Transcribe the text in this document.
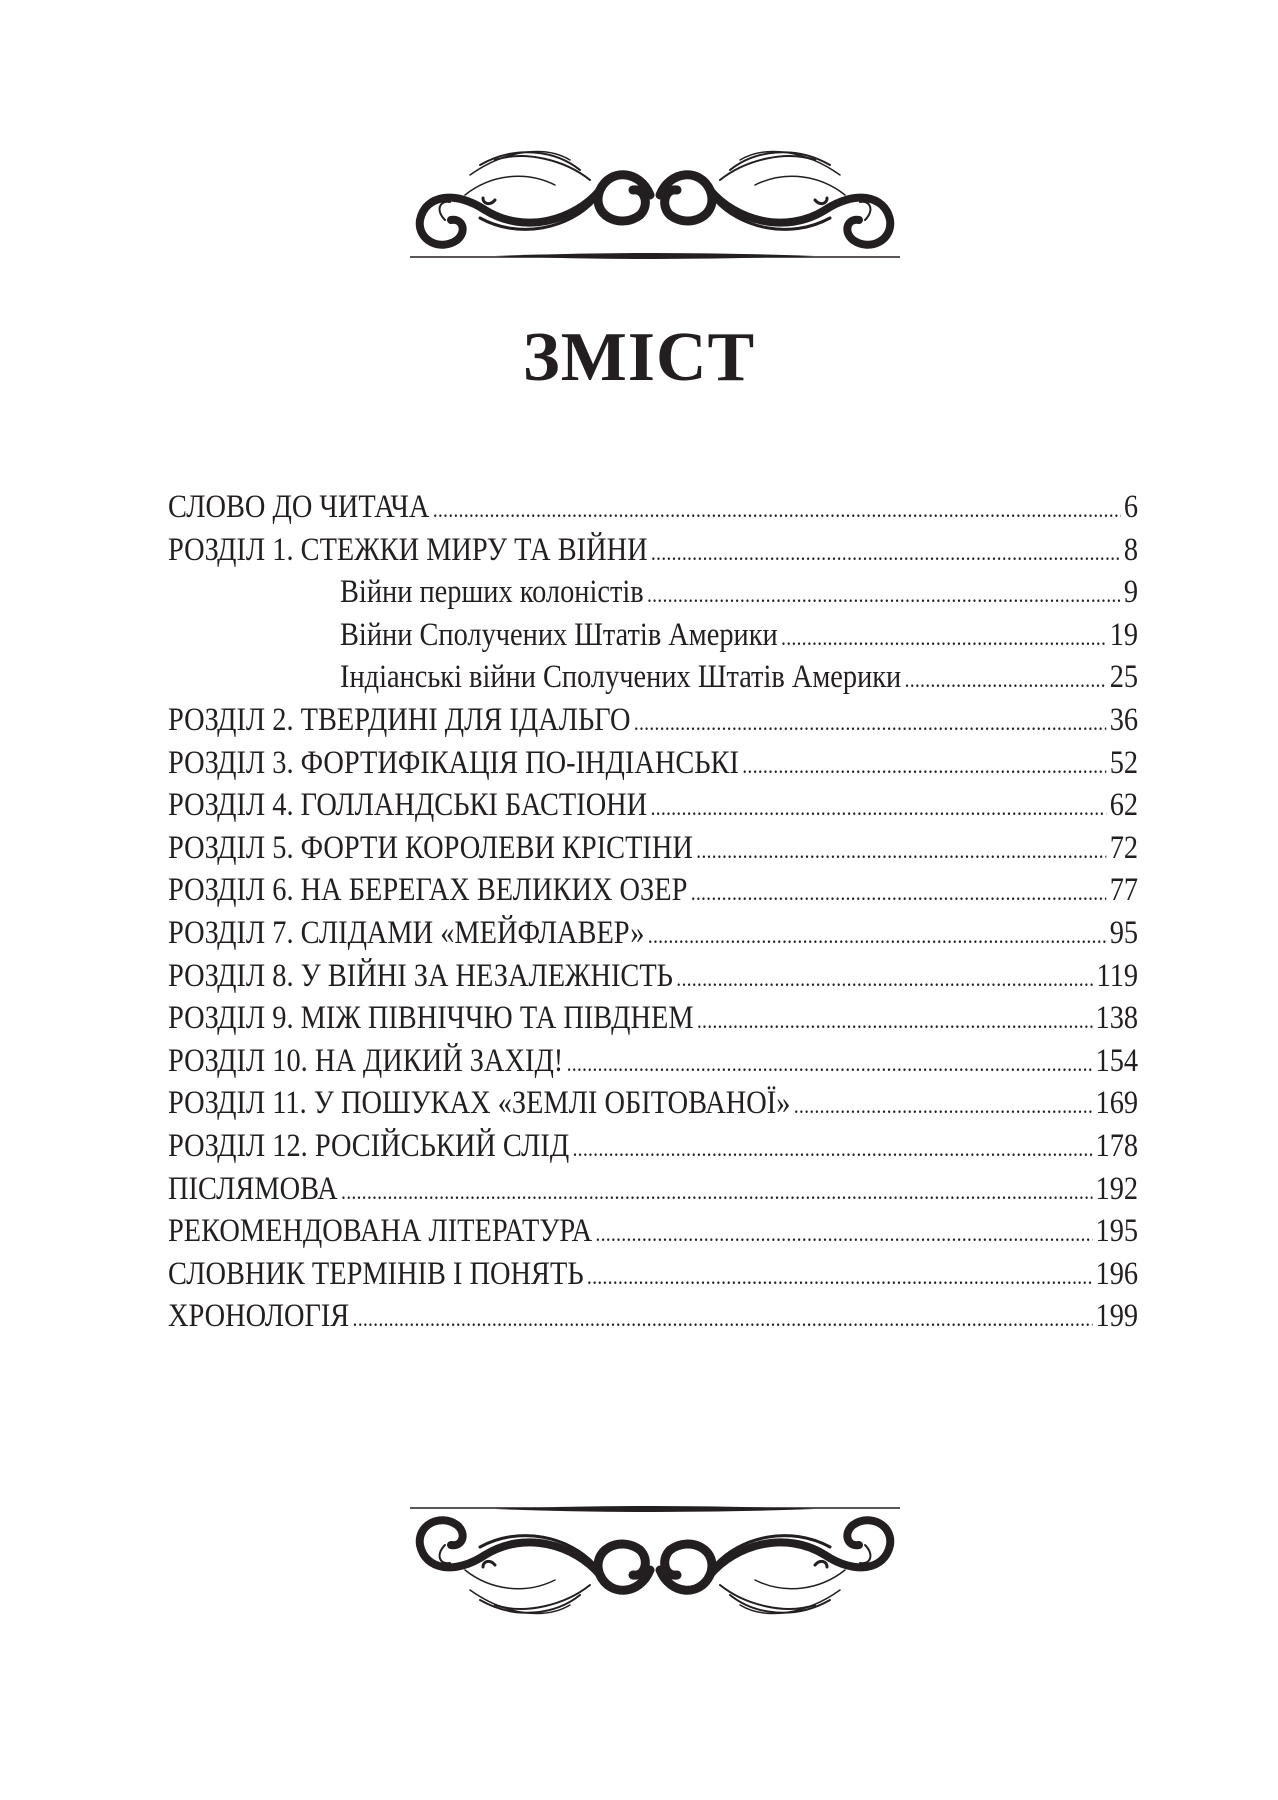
ЗМІСТ
СЛОВО ДО ЧИТАЧА .....	6
РОЗДІЛ 1. СТЕЖКИ МИРУ ТА ВІЙНИ .....	8
Війни перших колоністів .....	9
Війни Сполучених Штатів Америки .....	19
Індіанські війни Сполучених Штатів Америки .....	25
РОЗДІЛ 2. ТВЕРДИНІ ДЛЯ ІДАЛЬГО .....	36
РОЗДІЛ 3. ФОРТИФІКАЦІЯ ПО-ІНДІАНСЬКІ .....	52
РОЗДІЛ 4. ГОЛЛАНДСЬКІ БАСТІОНИ .....	62
РОЗДІЛ 5. ФОРТИ КОРОЛЕВИ КРІСТІНИ .....	72
РОЗДІЛ 6. НА БЕРЕГАХ ВЕЛИКИХ ОЗЕР .....	77
РОЗДІЛ 7. СЛІДАМИ «МЕЙФЛАВЕР» .....	95
РОЗДІЛ 8. У ВІЙНІ ЗА НЕЗАЛЕЖНІСТЬ .....	119
РОЗДІЛ 9. МІЖ ПІВНІЧЧЮ ТА ПІВДНЕМ .....	138
РОЗДІЛ 10. НА ДИКИЙ ЗАХІД! .....	154
РОЗДІЛ 11. У ПОШУКАХ «ЗЕМЛІ ОБІТОВАНОЇ» .....	169
РОЗДІЛ 12. РОСІЙСЬКИЙ СЛІД .....	178
ПІСЛЯМОВА .....	192
РЕКОМЕНДОВАНА ЛІТЕРАТУРА .....	195
СЛОВНИК ТЕРМІНІВ І ПОНЯТЬ .....	196
ХРОНОЛОГІЯ .....	199
